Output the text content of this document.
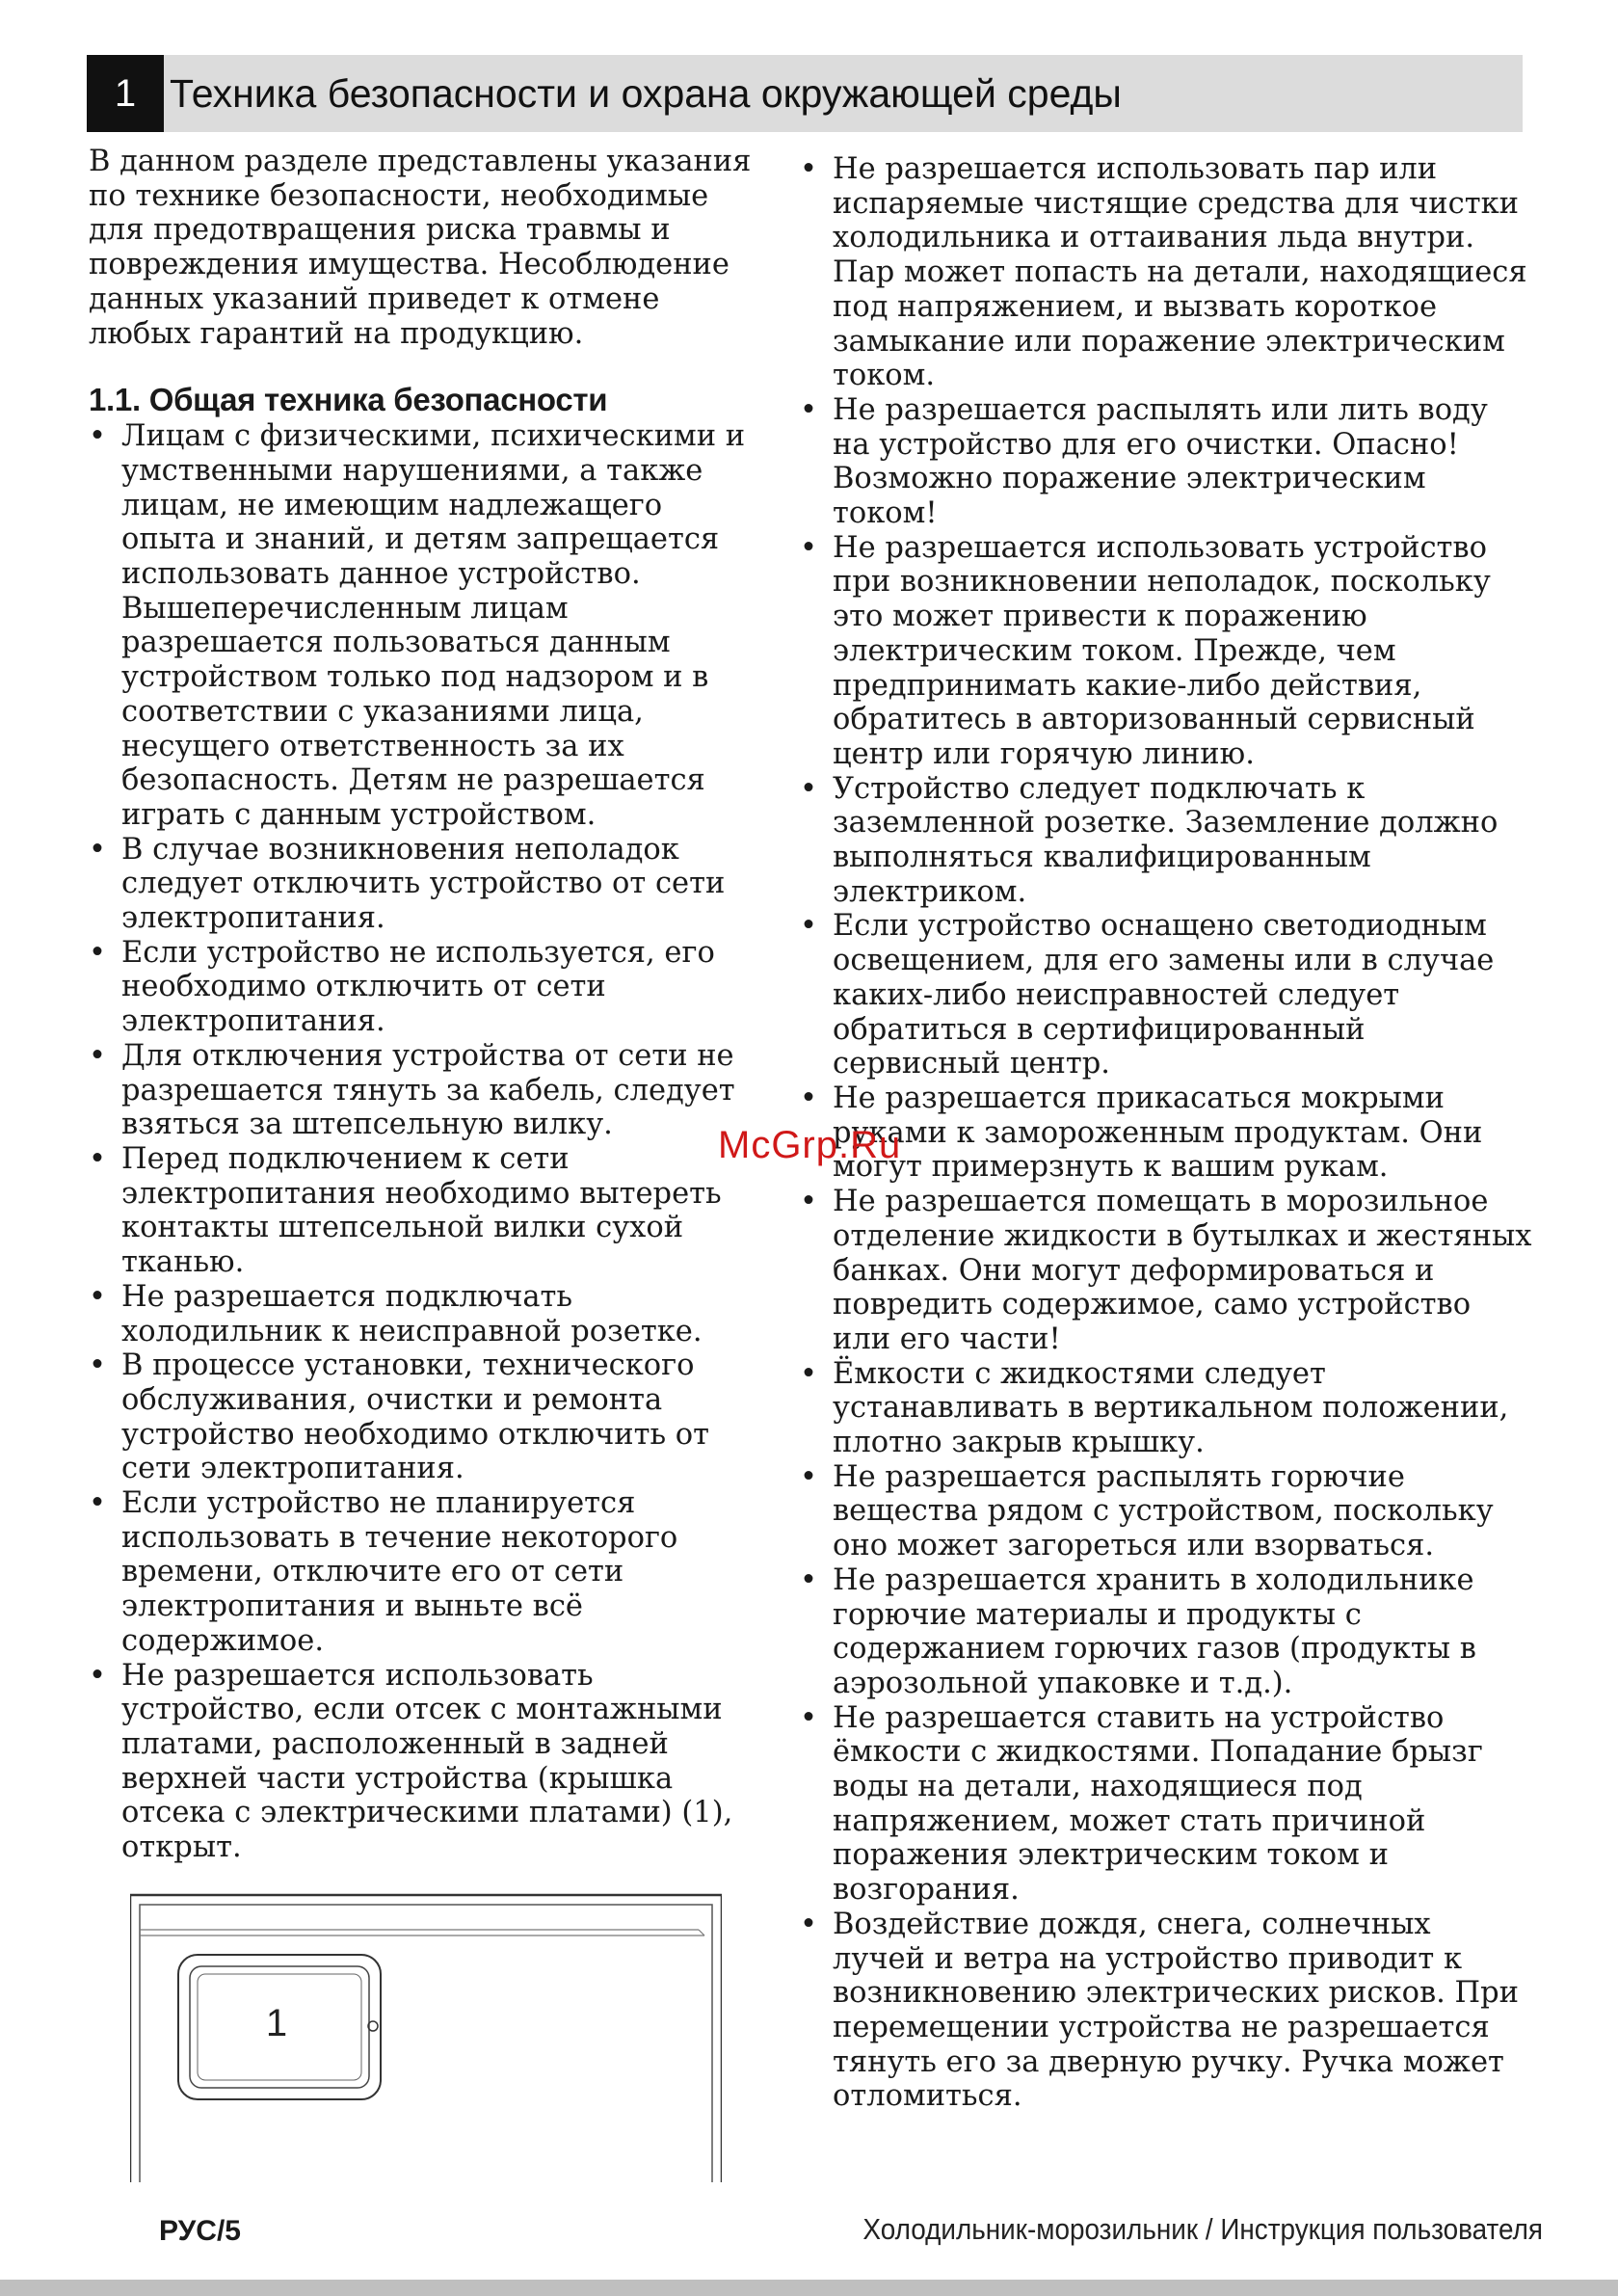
1 Техника безопасности и охрана окружающей среды

В данном разделе представлены указания по технике безопасности, необходимые для предотвращения риска травмы и повреждения имущества. Несоблюдение данных указаний приведет к отмене любых гарантий на продукцию.

1.1. Общая техника безопасности
• Лицам с физическими, психическими и умственными нарушениями, а также лицам, не имеющим надлежащего опыта и знаний, и детям запрещается использовать данное устройство. Вышеперечисленным лицам разрешается пользоваться данным устройством только под надзором и в соответствии с указаниями лица, несущего ответственность за их безопасность. Детям не разрешается играть с данным устройством.
• В случае возникновения неполадок следует отключить устройство от сети электропитания.
• Если устройство не используется, его необходимо отключить от сети электропитания.
• Для отключения устройства от сети не разрешается тянуть за кабель, следует взяться за штепсельную вилку.
• Перед подключением к сети электропитания необходимо вытереть контакты штепсельной вилки сухой тканью.
• Не разрешается подключать холодильник к неисправной розетке.
• В процессе установки, технического обслуживания, очистки и ремонта устройство необходимо отключить от сети электропитания.
• Если устройство не планируется использовать в течение некоторого времени, отключите его от сети электропитания и выньте всё содержимое.
• Не разрешается использовать устройство, если отсек с монтажными платами, расположенный в задней верхней части устройства (крышка отсека с электрическими платами) (1), открыт.
• Не разрешается использовать пар или испаряемые чистящие средства для чистки холодильника и оттаивания льда внутри. Пар может попасть на детали, находящиеся под напряжением, и вызвать короткое замыкание или поражение электрическим током.
• Не разрешается распылять или лить воду на устройство для его очистки. Опасно! Возможно поражение электрическим током!
• Не разрешается использовать устройство при возникновении неполадок, поскольку это может привести к поражению электрическим током. Прежде, чем предпринимать какие-либо действия, обратитесь в авторизованный сервисный центр или горячую линию.
• Устройство следует подключать к заземленной розетке. Заземление должно выполняться квалифицированным электриком.
• Если устройство оснащено светодиодным освещением, для его замены или в случае каких-либо неисправностей следует обратиться в сертифицированный сервисный центр.
• Не разрешается прикасаться мокрыми руками к замороженным продуктам. Они могут примерзнуть к вашим рукам.
• Не разрешается помещать в морозильное отделение жидкости в бутылках и жестяных банках. Они могут деформироваться и повредить содержимое, само устройство или его части!
• Ёмкости с жидкостями следует устанавливать в вертикальном положении, плотно закрыв крышку.
• Не разрешается распылять горючие вещества рядом с устройством, поскольку оно может загореться или взорваться.
• Не разрешается хранить в холодильнике горючие материалы и продукты с содержанием горючих газов (продукты в аэрозольной упаковке и т.д.).
• Не разрешается ставить на устройство ёмкости с жидкостями. Попадание брызг воды на детали, находящиеся под напряжением, может стать причиной поражения электрическим током и возгорания.
• Воздействие дождя, снега, солнечных лучей и ветра на устройство приводит к возникновению электрических рисков. При перемещении устройства не разрешается тянуть его за дверную ручку. Ручка может отломиться.
1
McGrp.Ru
РУС/5	Холодильник-морозильник / Инструкция пользователя
